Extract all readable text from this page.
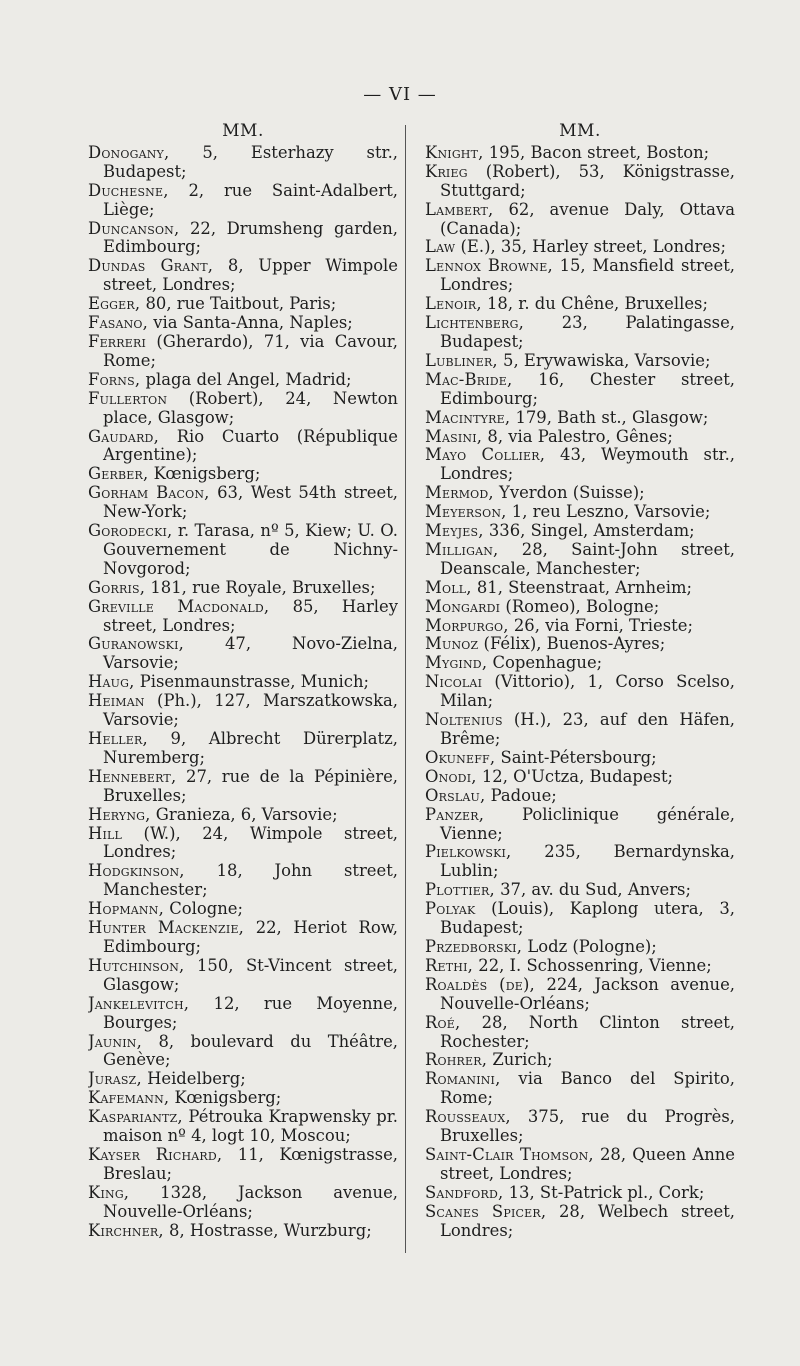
— VI —
MM.
Donogany, 5, Esterhazy str., Budapest;
Duchesne, 2, rue Saint-Adalbert, Liège;
Duncanson, 22, Drumsheng garden, Edimbourg;
Dundas Grant, 8, Upper Wimpole street, Londres;
Egger, 80, rue Taitbout, Paris;
Fasano, via Santa-Anna, Naples;
Ferreri (Gherardo), 71, via Cavour, Rome;
Forns, plaga del Angel, Madrid;
Fullerton (Robert), 24, Newton place, Glasgow;
Gaudard, Rio Cuarto (République Argentine);
Gerber, Kœnigsberg;
Gorham Bacon, 63, West 54th street, New-York;
Gorodecki, r. Tarasa, nº 5, Kiew; U. O. Gouvernement de Nichny-Novgorod;
Gorris, 181, rue Royale, Bruxelles;
Greville Macdonald, 85, Harley street, Londres;
Guranowski, 47, Novo-Zielna, Varsovie;
Haug, Pisenmaunstrasse, Munich;
Heiman (Ph.), 127, Marszatkowska, Varsovie;
Heller, 9, Albrecht Dürerplatz, Nuremberg;
Hennebert, 27, rue de la Pépinière, Bruxelles;
Heryng, Granieza, 6, Varsovie;
Hill (W.), 24, Wimpole street, Londres;
Hodgkinson, 18, John street, Manchester;
Hopmann, Cologne;
Hunter Mackenzie, 22, Heriot Row, Edimbourg;
Hutchinson, 150, St-Vincent street, Glasgow;
Jankelevitch, 12, rue Moyenne, Bourges;
Jaunin, 8, boulevard du Théâtre, Genève;
Jurasz, Heidelberg;
Kafemann, Kœnigsberg;
Kaspariantz, Pétrouka Krapwensky pr. maison nº 4, logt 10, Moscou;
Kayser Richard, 11, Kœnigstrasse, Breslau;
King, 1328, Jackson avenue, Nouvelle-Orléans;
Kirchner, 8, Hostrasse, Wurzburg;
MM.
Knight, 195, Bacon street, Boston;
Krieg (Robert), 53, Königstrasse, Stuttgard;
Lambert, 62, avenue Daly, Ottava (Canada);
Law (E.), 35, Harley street, Londres;
Lennox Browne, 15, Mansfield street, Londres;
Lenoir, 18, r. du Chêne, Bruxelles;
Lichtenberg, 23, Palatingasse, Budapest;
Lubliner, 5, Erywawiska, Varsovie;
Mac-Bride, 16, Chester street, Edimbourg;
Macintyre, 179, Bath st., Glasgow;
Masini, 8, via Palestro, Gênes;
Mayo Collier, 43, Weymouth str., Londres;
Mermod, Yverdon (Suisse);
Meyerson, 1, reu Leszno, Varsovie;
Meyjes, 336, Singel, Amsterdam;
Milligan, 28, Saint-John street, Deanscale, Manchester;
Moll, 81, Steenstraat, Arnheim;
Mongardi (Romeo), Bologne;
Morpurgo, 26, via Forni, Trieste;
Munoz (Félix), Buenos-Ayres;
Mygind, Copenhague;
Nicolai (Vittorio), 1, Corso Scelso, Milan;
Noltenius (H.), 23, auf den Häfen, Brême;
Okuneff, Saint-Pétersbourg;
Onodi, 12, O'Uctza, Budapest;
Orslau, Padoue;
Panzer, Policlinique générale, Vienne;
Pielkowski, 235, Bernardynska, Lublin;
Plottier, 37, av. du Sud, Anvers;
Polyak (Louis), Kaplong utera, 3, Budapest;
Przedborski, Lodz (Pologne);
Rethi, 22, I. Schossenring, Vienne;
Roaldès (de), 224, Jackson avenue, Nouvelle-Orléans;
Roé, 28, North Clinton street, Rochester;
Rohrer, Zurich;
Romanini, via Banco del Spirito, Rome;
Rousseaux, 375, rue du Progrès, Bruxelles;
Saint-Clair Thomson, 28, Queen Anne street, Londres;
Sandford, 13, St-Patrick pl., Cork;
Scanes Spicer, 28, Welbech street, Londres;
